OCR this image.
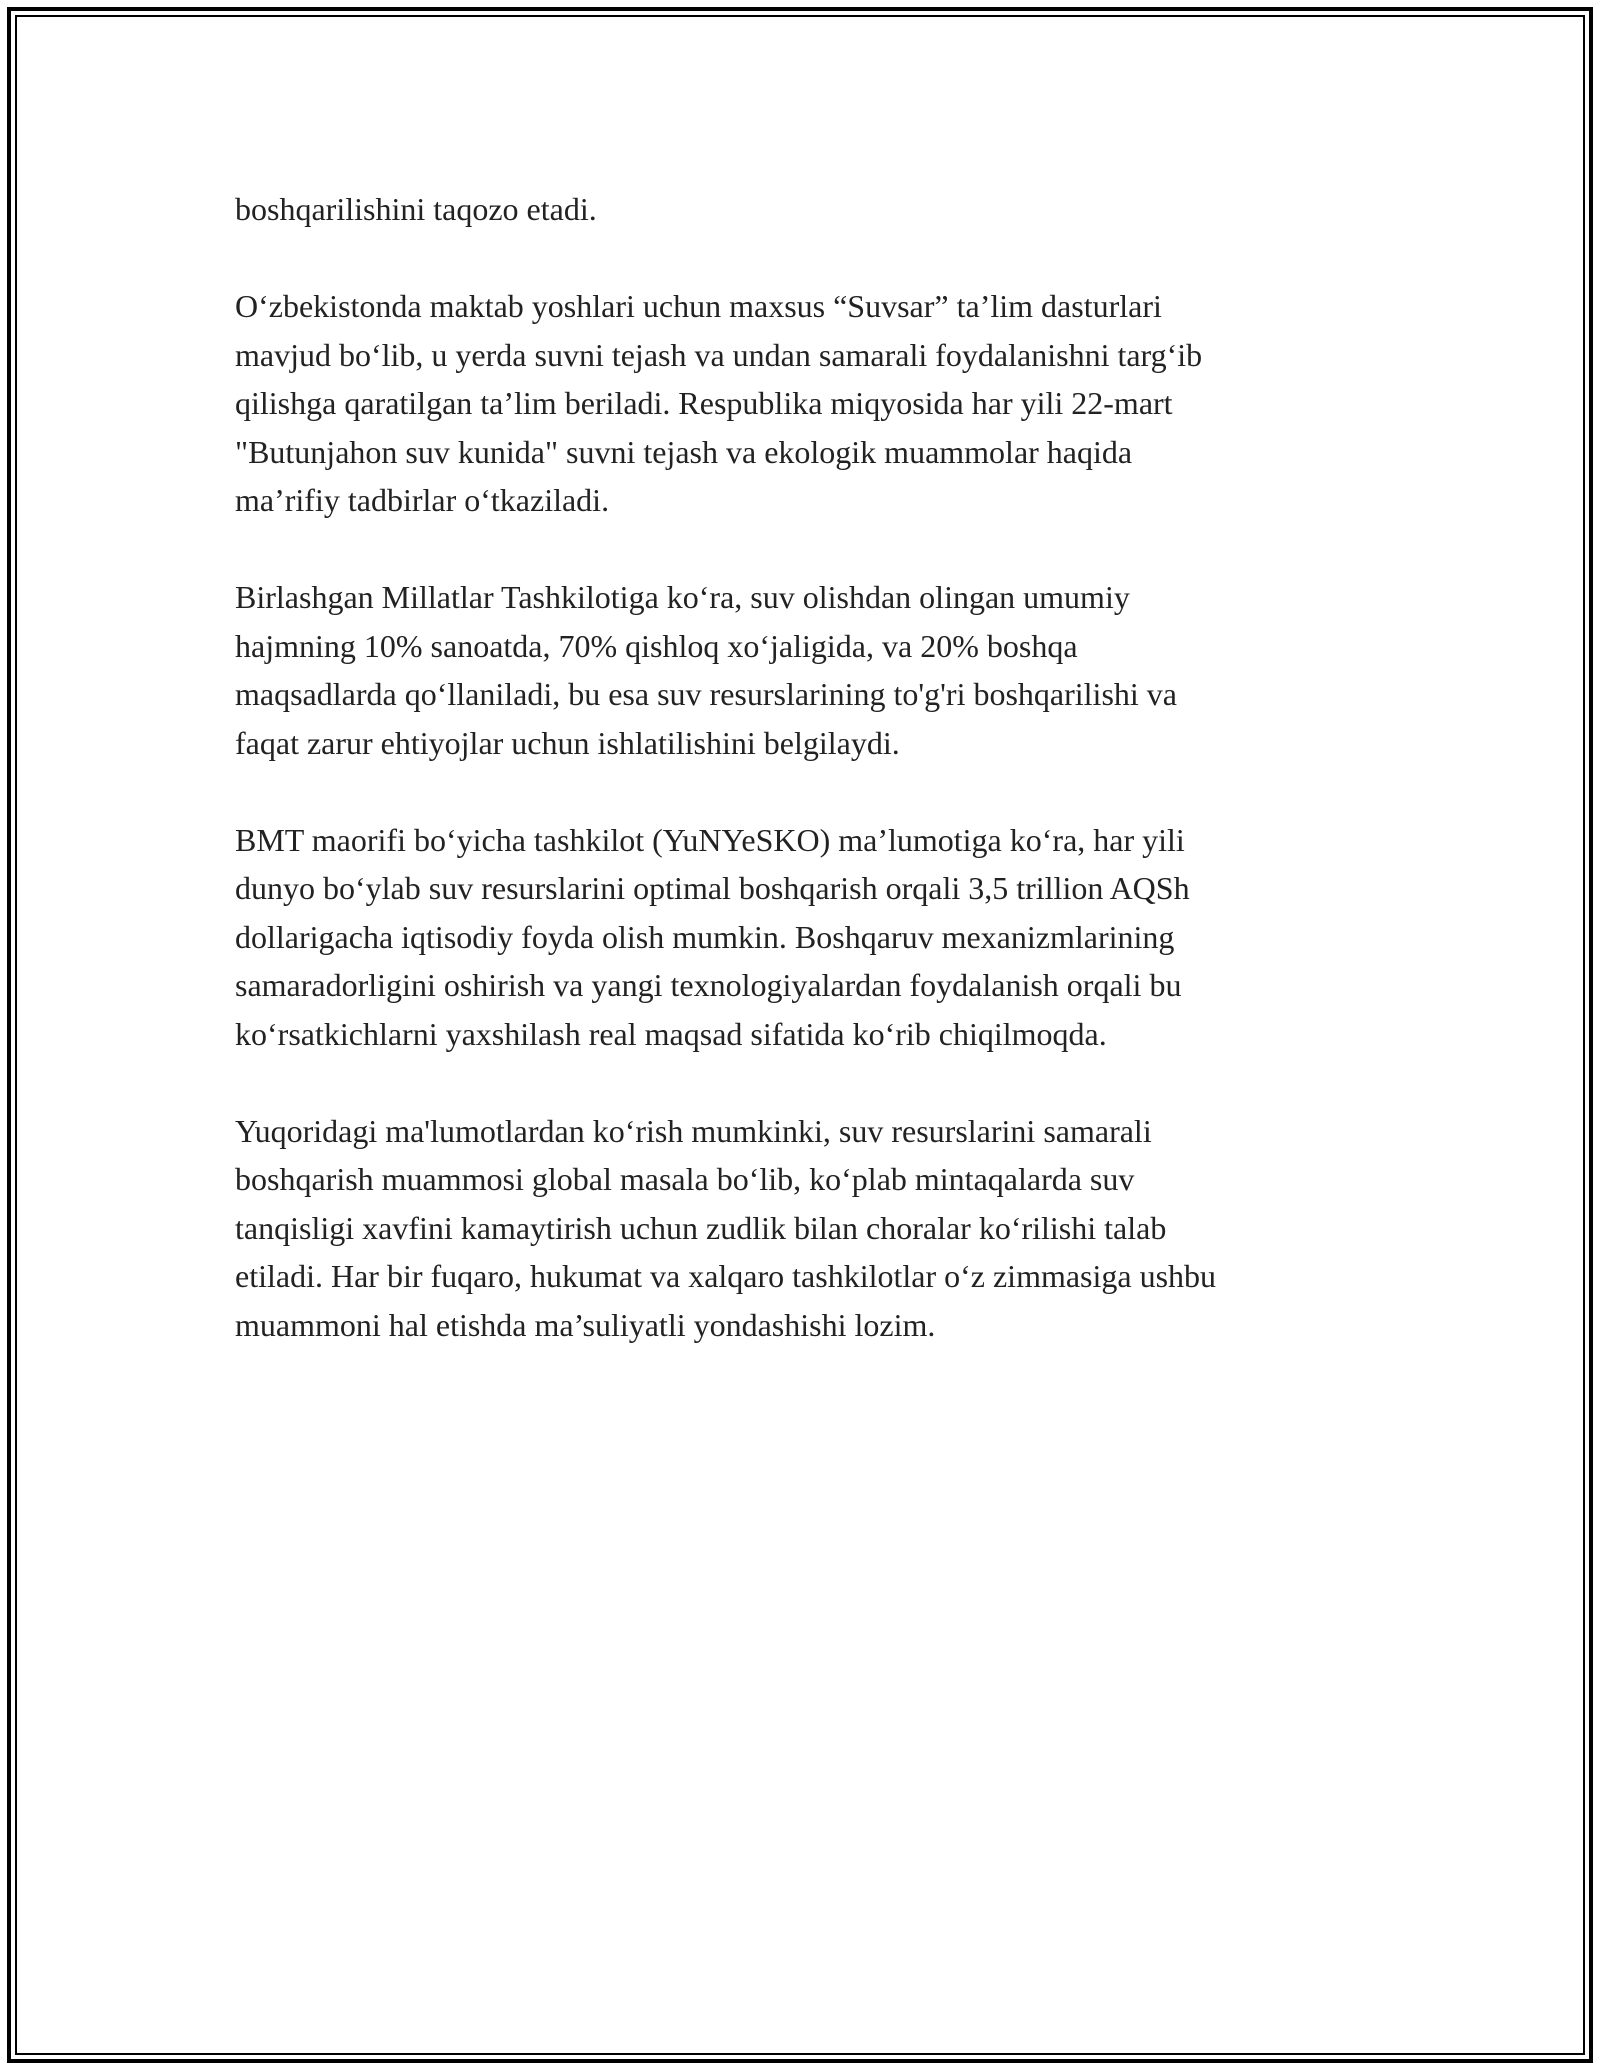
boshqarilishini taqozo etadi.

O‘zbekistonda maktab yoshlari uchun maxsus “Suvsar” ta’lim dasturlari
mavjud bo‘lib, u yerda suvni tejash va undan samarali foydalanishni targ‘ib
qilishga qaratilgan ta’lim beriladi. Respublika miqyosida har yili 22-mart
"Butunjahon suv kunida" suvni tejash va ekologik muammolar haqida
ma’rifiy tadbirlar o‘tkaziladi.

Birlashgan Millatlar Tashkilotiga ko‘ra, suv olishdan olingan umumiy
hajmning 10% sanoatda, 70% qishloq xo‘jaligida, va 20% boshqa
maqsadlarda qo‘llaniladi, bu esa suv resurslarining to'g'ri boshqarilishi va
faqat zarur ehtiyojlar uchun ishlatilishini belgilaydi.

BMT maorifi bo‘yicha tashkilot (YuNYeSKO) ma’lumotiga ko‘ra, har yili
dunyo bo‘ylab suv resurslarini optimal boshqarish orqali 3,5 trillion AQSh
dollarigacha iqtisodiy foyda olish mumkin. Boshqaruv mexanizmlarining
samaradorligini oshirish va yangi texnologiyalardan foydalanish orqali bu
ko‘rsatkichlarni yaxshilash real maqsad sifatida ko‘rib chiqilmoqda.

Yuqoridagi ma'lumotlardan ko‘rish mumkinki, suv resurslarini samarali
boshqarish muammosi global masala bo‘lib, ko‘plab mintaqalarda suv
tanqisligi xavfini kamaytirish uchun zudlik bilan choralar ko‘rilishi talab
etiladi. Har bir fuqaro, hukumat va xalqaro tashkilotlar o‘z zimmasiga ushbu
muammoni hal etishda ma’suliyatli yondashishi lozim.
